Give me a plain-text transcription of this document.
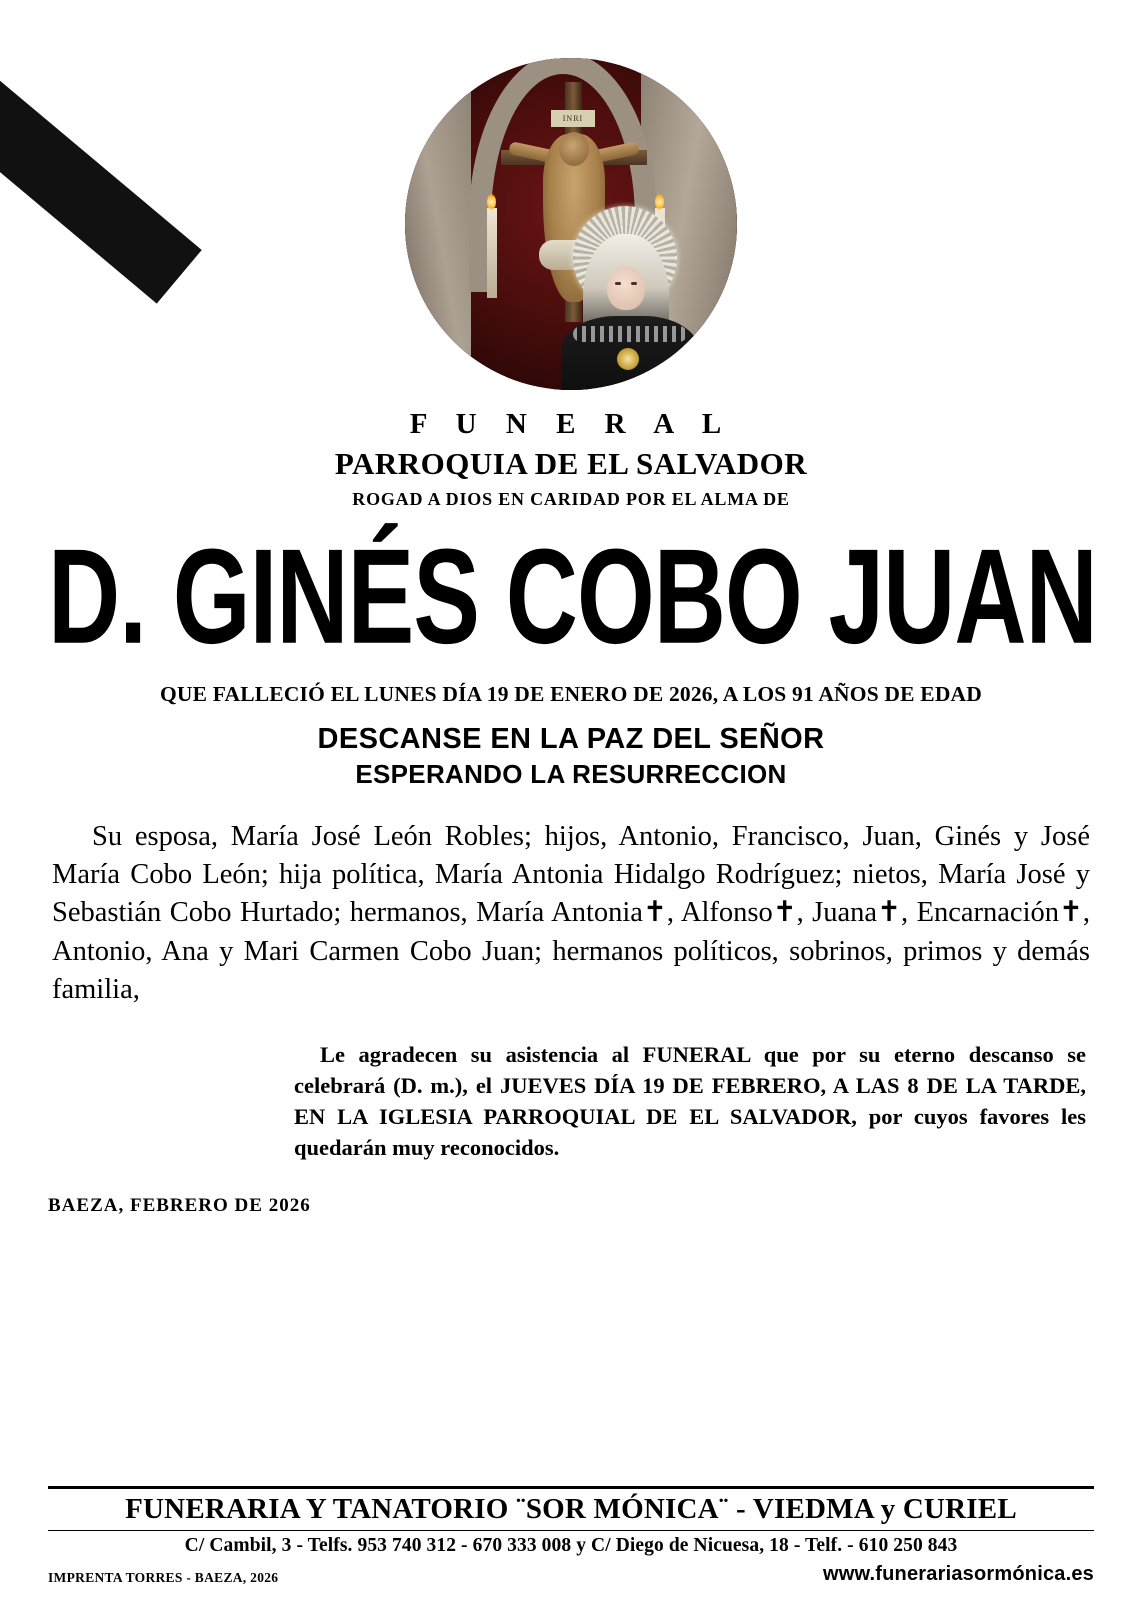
INRI
F U N E R A L
PARROQUIA DE EL SALVADOR
ROGAD A DIOS EN CARIDAD POR EL ALMA DE
D. GINÉS COBO JUAN
QUE FALLECIÓ EL LUNES DÍA 19 DE ENERO DE 2026, A LOS 91 AÑOS DE EDAD
DESCANSE EN LA PAZ DEL SEÑOR
ESPERANDO LA RESURRECCION
Su esposa, María José León Robles; hijos, Antonio, Francisco, Juan, Ginés y José María Cobo León; hija política, María Antonia Hidalgo Rodríguez; nietos, María José y Sebastián Cobo Hurtado; hermanos, María Antonia✝, Alfonso✝, Juana✝, Encarnación✝, Antonio, Ana y Mari Carmen Cobo Juan; hermanos políticos, sobrinos, primos y demás familia,
Le agradecen su asistencia al FUNERAL que por su eterno descanso se celebrará (D. m.), el JUEVES DÍA 19 DE FEBRERO, A LAS 8 DE LA TARDE, EN LA IGLESIA PARROQUIAL DE EL SALVADOR, por cuyos favores les quedarán muy reconocidos.
BAEZA, FEBRERO DE 2026
FUNERARIA Y TANATORIO ¨SOR MÓNICA¨ - VIEDMA y CURIEL
C/ Cambil, 3 - Telfs. 953 740 312 - 670 333 008 y C/ Diego de Nicuesa, 18 - Telf. - 610 250 843
IMPRENTA TORRES - BAEZA, 2026	www.funerariasormónica.es
